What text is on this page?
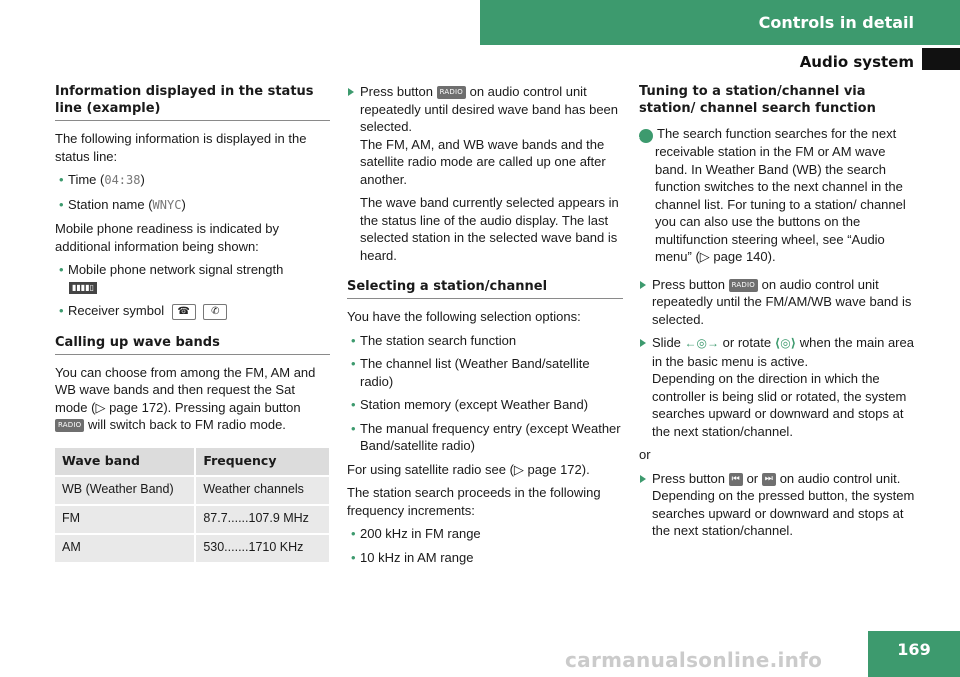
Controls in detail
Audio system
Information displayed in the status line (example)

The following information is displayed in the status line:

• Time (04:38)
• Station name (WNYC)

Mobile phone readiness is indicated by additional information being shown:

• Mobile phone network signal strength
▮▮▮▮▯
• Receiver symbol ☎ ✆
Calling up wave bands

You can choose from among the FM, AM and WB wave bands and then request the Sat mode (▷ page 172). Pressing again button
RADIO will switch back to FM radio mode.

Wave band	Frequency
WB (Weather Band)	Weather channels
FM	87.7......107.9 MHz
AM	530.......1710 KHz
Press button RADIO on audio control unit repeatedly until desired wave band has been selected.
The FM, AM, and WB wave bands and the satellite radio mode are called up one after another.

The wave band currently selected appears in the status line of the audio display. The last selected station in the selected wave band is heard.

Selecting a station/channel

You have the following selection options:

• The station search function
• The channel list (Weather Band/satellite radio)
• Station memory (except Weather Band)
• The manual frequency entry (except Weather Band/satellite radio)

For using satellite radio see (▷ page 172).

The station search proceeds in the following frequency increments:

• 200 kHz in FM range
• 10 kHz in AM range
Tuning to a station/channel via station/ channel search function

i The search function searches for the next receivable station in the FM or AM wave band. In Weather Band (WB) the search function switches to the next channel in the channel list. For tuning to a station/ channel you can also use the buttons on the multifunction steering wheel, see “Audio menu” (▷ page 140).

Press button RADIO on audio control unit repeatedly until the FM/AM/WB wave band is selected.
Slide ←◎→ or rotate ⟨◎⟩ when the main area in the basic menu is active.
Depending on the direction in which the controller is being slid or rotated, the system searches upward or downward and stops at the next station/channel.

or

Press button ⏮ or ⏭ on audio control unit.
Depending on the pressed button, the system searches upward or downward and stops at the next station/channel.
169
carmanualsonline.info
